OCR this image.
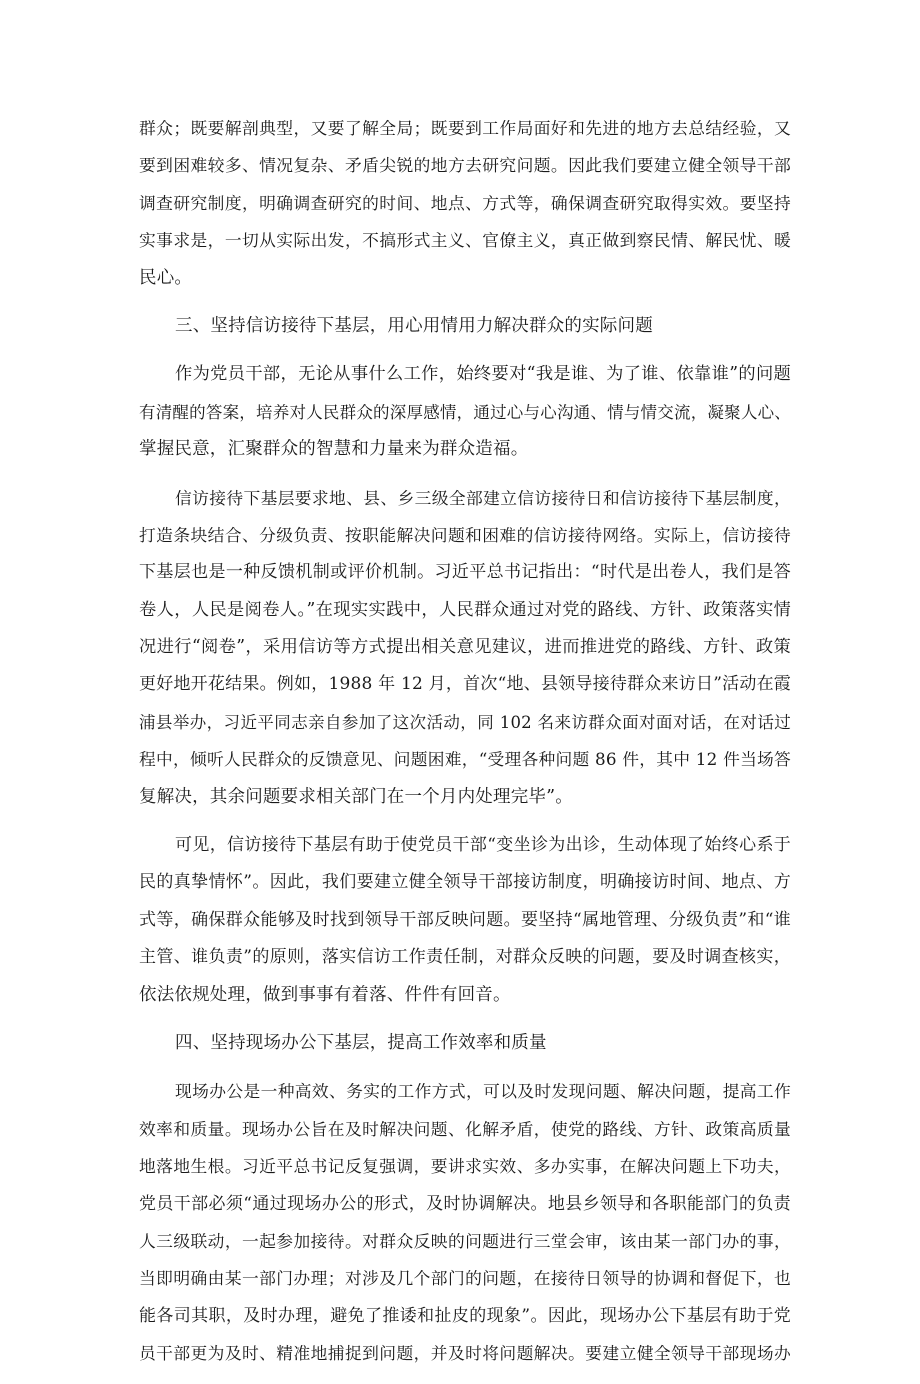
群众；既要解剖典型，又要了解全局；既要到工作局面好和先进的地方去总结经验，又
要到困难较多、情况复杂、矛盾尖锐的地方去研究问题。因此我们要建立健全领导干部
调查研究制度，明确调查研究的时间、地点、方式等，确保调查研究取得实效。要坚持
实事求是，一切从实际出发，不搞形式主义、官僚主义，真正做到察民情、解民忧、暖
民心。
三、坚持信访接待下基层，用心用情用力解决群众的实际问题
作为党员干部，无论从事什么工作，始终要对“我是谁、为了谁、依靠谁”的问题
有清醒的答案，培养对人民群众的深厚感情，通过心与心沟通、情与情交流，凝聚人心、
掌握民意，汇聚群众的智慧和力量来为群众造福。
信访接待下基层要求地、县、乡三级全部建立信访接待日和信访接待下基层制度，
打造条块结合、分级负责、按职能解决问题和困难的信访接待网络。实际上，信访接待
下基层也是一种反馈机制或评价机制。习近平总书记指出：“时代是出卷人，我们是答
卷人，人民是阅卷人。”在现实实践中，人民群众通过对党的路线、方针、政策落实情
况进行“阅卷”，采用信访等方式提出相关意见建议，进而推进党的路线、方针、政策
更好地开花结果。例如，1988 年 12 月，首次“地、县领导接待群众来访日”活动在霞
浦县举办，习近平同志亲自参加了这次活动，同 102 名来访群众面对面对话，在对话过
程中，倾听人民群众的反馈意见、问题困难，“受理各种问题 86 件，其中 12 件当场答
复解决，其余问题要求相关部门在一个月内处理完毕”。
可见，信访接待下基层有助于使党员干部“变坐诊为出诊，生动体现了始终心系于
民的真挚情怀”。因此，我们要建立健全领导干部接访制度，明确接访时间、地点、方
式等，确保群众能够及时找到领导干部反映问题。要坚持“属地管理、分级负责”和“谁
主管、谁负责”的原则，落实信访工作责任制，对群众反映的问题，要及时调查核实，
依法依规处理，做到事事有着落、件件有回音。
四、坚持现场办公下基层，提高工作效率和质量
现场办公是一种高效、务实的工作方式，可以及时发现问题、解决问题，提高工作
效率和质量。现场办公旨在及时解决问题、化解矛盾，使党的路线、方针、政策高质量
地落地生根。习近平总书记反复强调，要讲求实效、多办实事，在解决问题上下功夫，
党员干部必须“通过现场办公的形式，及时协调解决。地县乡领导和各职能部门的负责
人三级联动，一起参加接待。对群众反映的问题进行三堂会审，该由某一部门办的事，
当即明确由某一部门办理；对涉及几个部门的问题，在接待日领导的协调和督促下，也
能各司其职，及时办理，避免了推诿和扯皮的现象”。因此，现场办公下基层有助于党
员干部更为及时、精准地捕捉到问题，并及时将问题解决。要建立健全领导干部现场办
